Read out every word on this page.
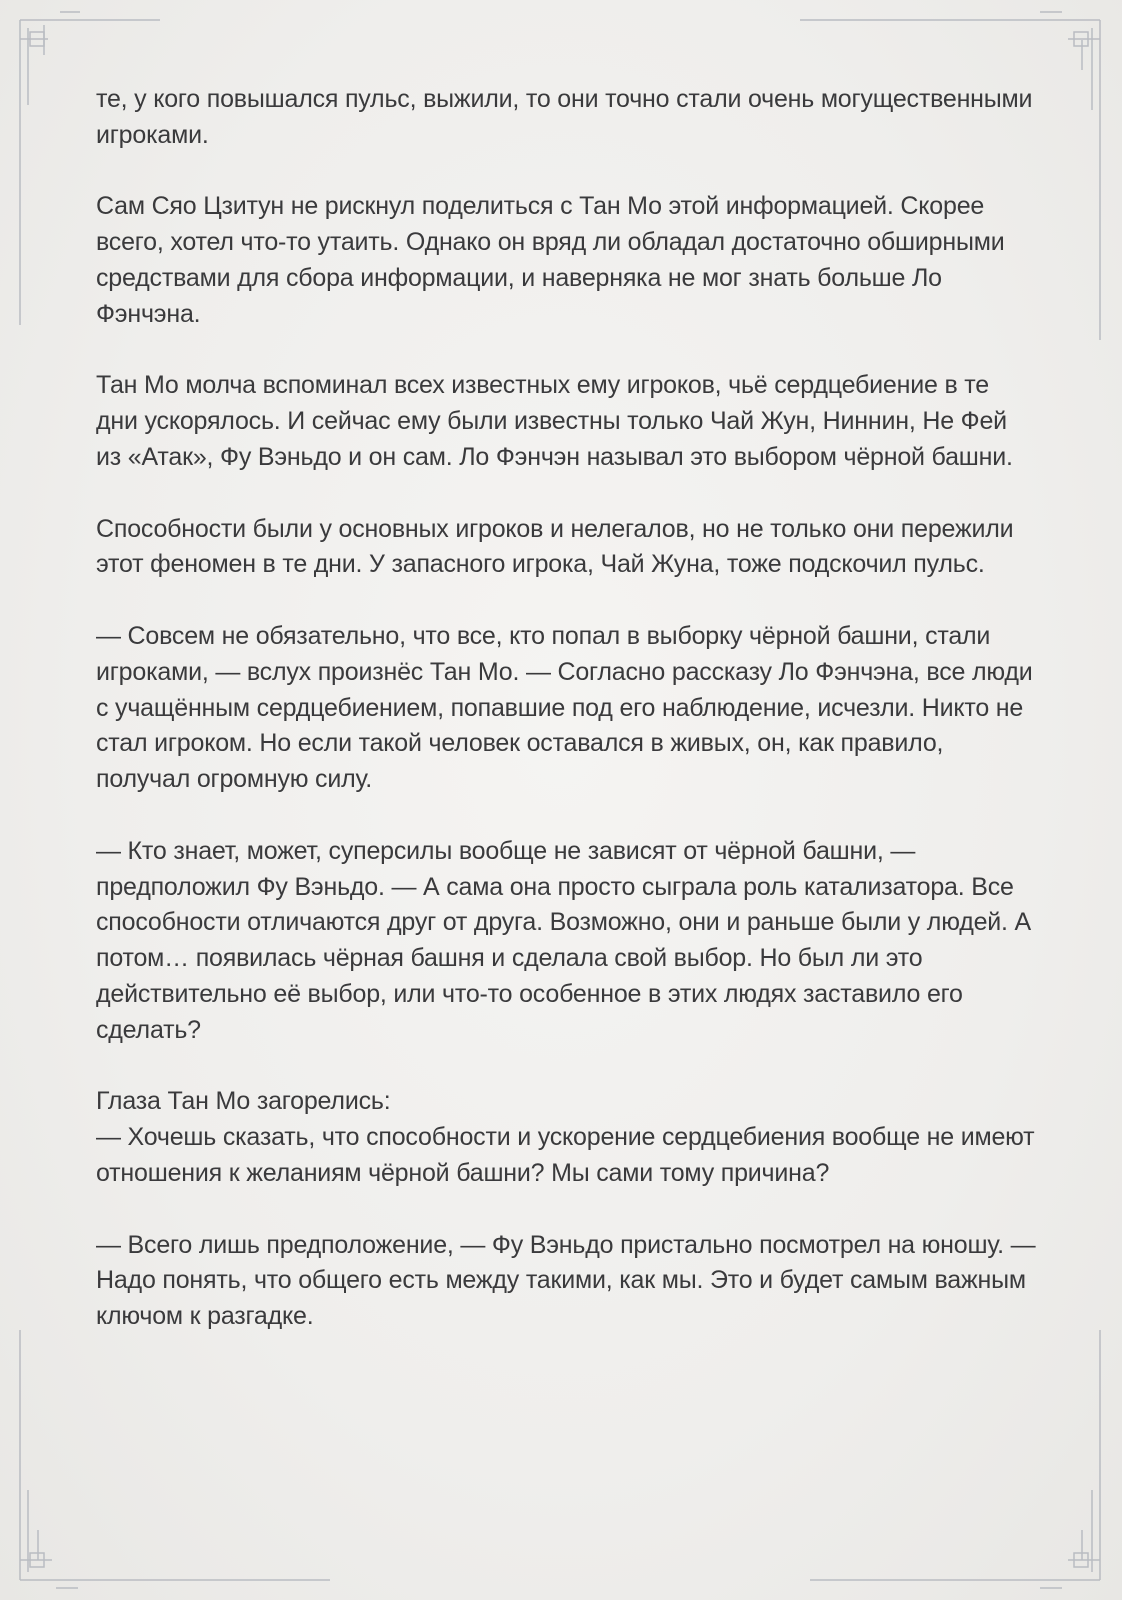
те, у кого повышался пульс, выжили, то они точно стали очень могущественными игроками.

Сам Сяо Цзитун не рискнул поделиться с Тан Мо этой информацией. Скорее всего, хотел что-то утаить. Однако он вряд ли обладал достаточно обширными средствами для сбора информации, и наверняка не мог знать больше Ло Фэнчэна.

Тан Мо молча вспоминал всех известных ему игроков, чьё сердцебиение в те дни ускорялось. И сейчас ему были известны только Чай Жун, Ниннин, Не Фей из «Атак», Фу Вэньдо и он сам. Ло Фэнчэн называл это выбором чёрной башни.

Способности были у основных игроков и нелегалов, но не только они пережили этот феномен в те дни. У запасного игрока, Чай Жуна, тоже подскочил пульс.

— Совсем не обязательно, что все, кто попал в выборку чёрной башни, стали игроками, — вслух произнёс Тан Мо. — Согласно рассказу Ло Фэнчэна, все люди с учащённым сердцебиением, попавшие под его наблюдение, исчезли. Никто не стал игроком. Но если такой человек оставался в живых, он, как правило, получал огромную силу.

— Кто знает, может, суперсилы вообще не зависят от чёрной башни, — предположил Фу Вэньдо. — А сама она просто сыграла роль катализатора. Все способности отличаются друг от друга. Возможно, они и раньше были у людей. А потом… появилась чёрная башня и сделала свой выбор. Но был ли это действительно её выбор, или что-то особенное в этих людях заставило его сделать?

Глаза Тан Мо загорелись:

— Хочешь сказать, что способности и ускорение сердцебиения вообще не имеют отношения к желаниям чёрной башни? Мы сами тому причина?

— Всего лишь предположение, — Фу Вэньдо пристально посмотрел на юношу. — Надо понять, что общего есть между такими, как мы. Это и будет самым важным ключом к разгадке.
